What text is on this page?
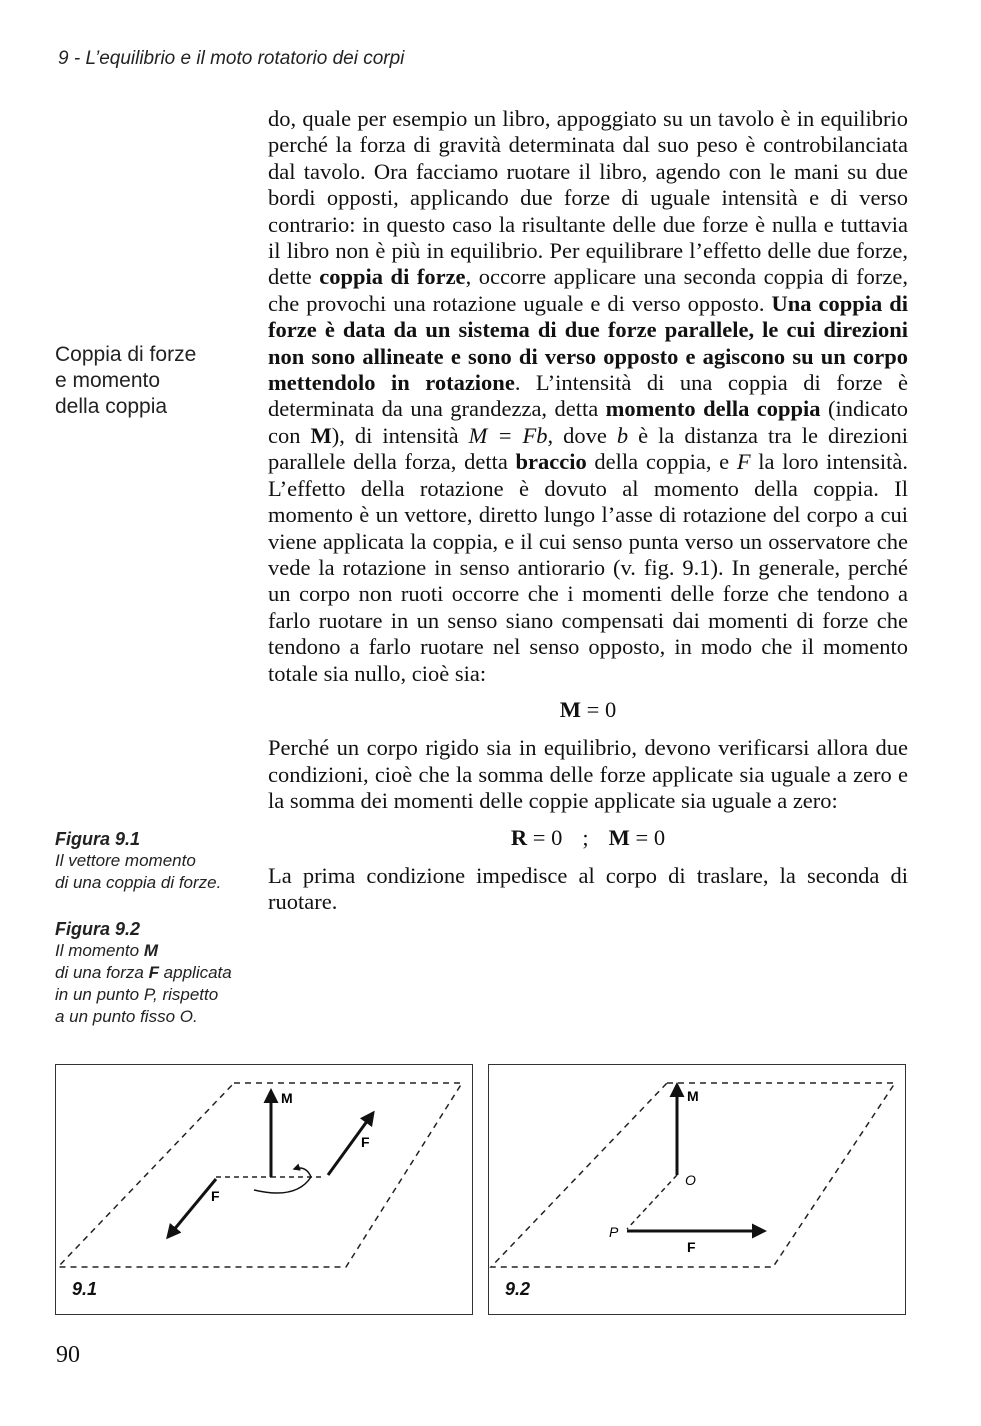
9 - L’equilibrio e il moto rotatorio dei corpi
Coppia di forze
e momento
della coppia

do, quale per esempio un libro, appoggiato su un tavolo è in equilibrio perché la forza di gravità determinata dal suo peso è controbilanciata dal tavolo. Ora facciamo ruotare il libro, agendo con le mani su due bordi opposti, applicando due forze di uguale intensità e di verso contrario: in questo caso la risultante delle due forze è nulla e tuttavia il libro non è più in equilibrio. Per equilibrare l’effetto delle due forze, dette coppia di forze, occorre applicare una seconda coppia di forze, che provochi una rotazione uguale e di verso opposto. Una coppia di forze è data da un sistema di due forze parallele, le cui direzioni non sono allineate e sono di verso opposto e agiscono su un corpo mettendolo in rotazione. L’intensità di una coppia di forze è determinata da una grandezza, detta momento della coppia (indicato con M), di intensità M = Fb, dove b è la distanza tra le direzioni parallele della forza, detta braccio della coppia, e F la loro intensità. L’effetto della rotazione è dovuto al momento della coppia. Il momento è un vettore, diretto lungo l’asse di rotazione del corpo a cui viene applicata la coppia, e il cui senso punta verso un osservatore che vede la rotazione in senso antiorario (v. fig. 9.1). In generale, perché un corpo non ruoti occorre che i momenti delle forze che tendono a farlo ruotare in un senso siano compensati dai momenti di forze che tendono a farlo ruotare nel senso opposto, in modo che il momento totale sia nullo, cioè sia:

M = 0

Perché un corpo rigido sia in equilibrio, devono verificarsi allora due condizioni, cioè che la somma delle forze applicate sia uguale a zero e la somma dei momenti delle coppie applicate sia uguale a zero:

R = 0 ; M = 0

La prima condizione impedisce al corpo di traslare, la seconda di ruotare.

Figura 9.1
Il vettore momento
di una coppia di forze.
Figura 9.2
Il momento M
di una forza F applicata
in un punto P, rispetto
a un punto fisso O.
M
F
F
9.1
M
O
P
F
9.2
90
